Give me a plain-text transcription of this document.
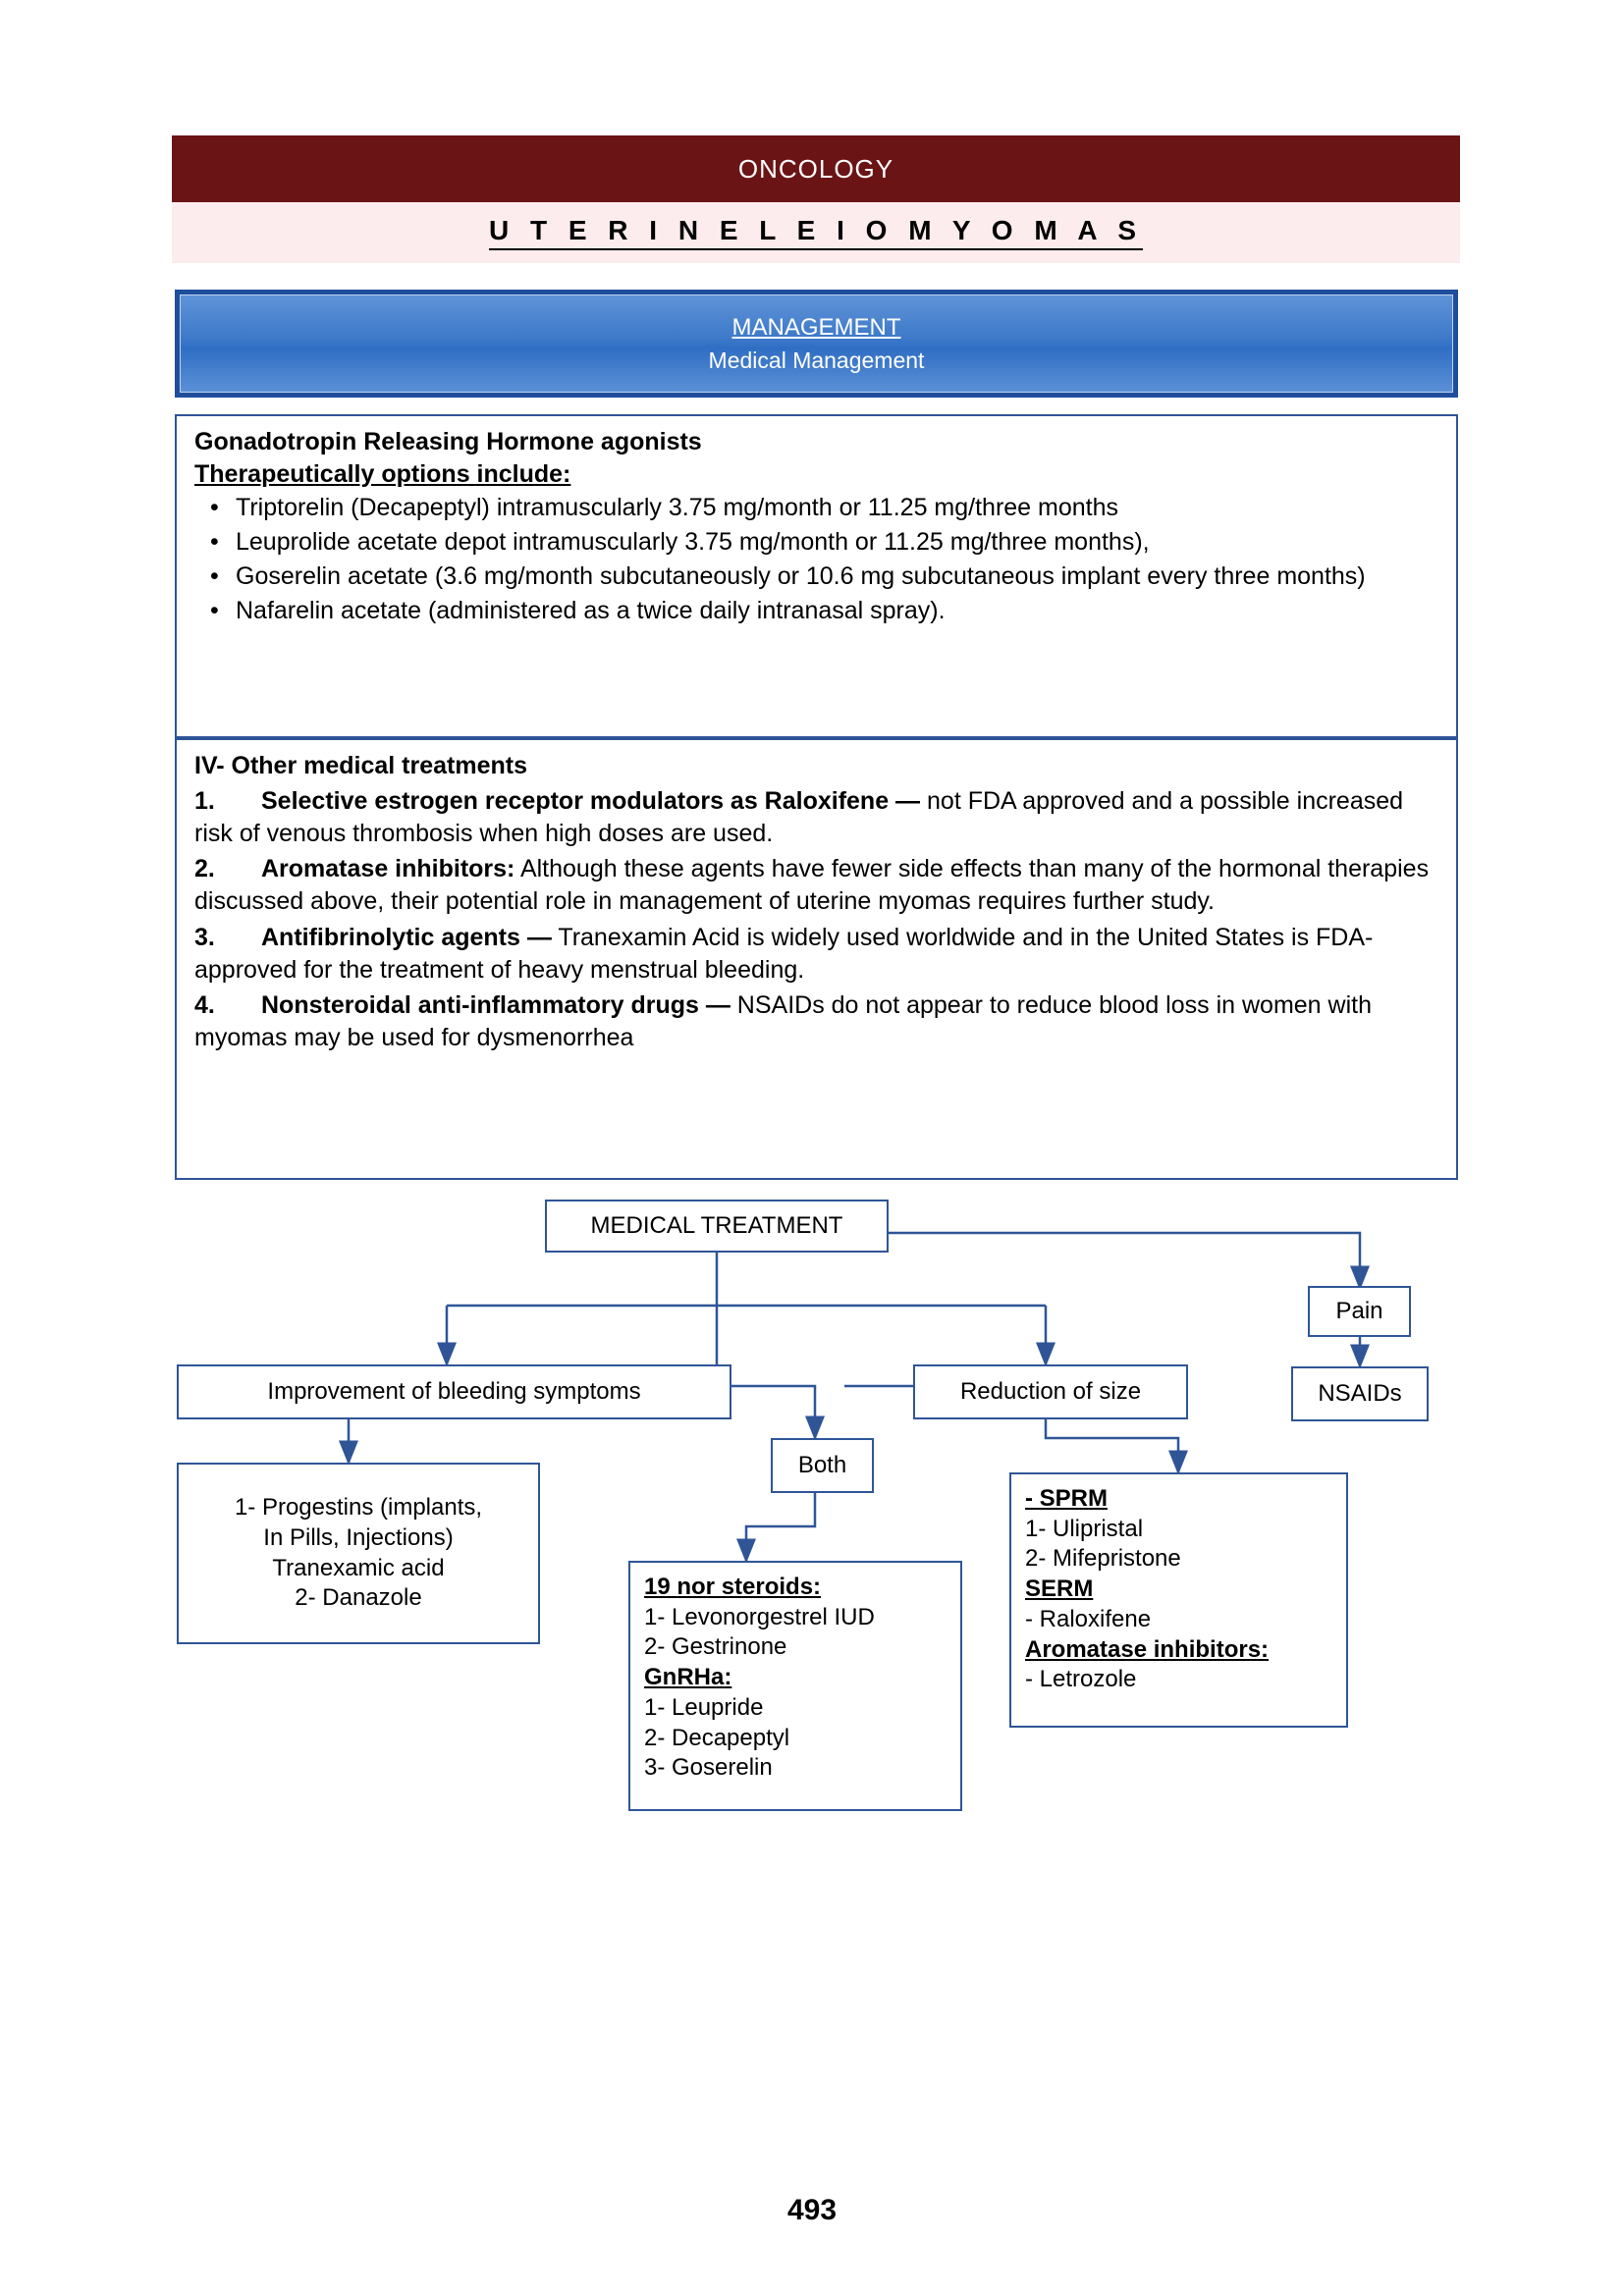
ONCOLOGY
U T E R I N E L E I O M Y O M A S
MANAGEMENT
Medical Management
Gonadotropin Releasing Hormone agonists
Therapeutically options include:
• Triptorelin (Decapeptyl) intramuscularly 3.75 mg/month or 11.25 mg/three months
• Leuprolide acetate depot intramuscularly 3.75 mg/month or 11.25 mg/three months),
• Goserelin acetate (3.6 mg/month subcutaneously or 10.6 mg subcutaneous implant every three months)
• Nafarelin acetate (administered as a twice daily intranasal spray).
IV- Other medical treatments
1. Selective estrogen receptor modulators as Raloxifene — not FDA approved and a possible increased risk of venous thrombosis when high doses are used.
2. Aromatase inhibitors: Although these agents have fewer side effects than many of the hormonal therapies discussed above, their potential role in management of uterine myomas requires further study.
3. Antifibrinolytic agents — Tranexamin Acid is widely used worldwide and in the United States is FDA-approved for the treatment of heavy menstrual bleeding.
4. Nonsteroidal anti-inflammatory drugs — NSAIDs do not appear to reduce blood loss in women with myomas may be used for dysmenorrhea
MEDICAL TREATMENT
Pain
NSAIDs
Improvement of bleeding symptoms	Reduction of size
Both
1- Progestins (implants,
In Pills, Injections)
Tranexamic acid
2- Danazole	19 nor steroids:
1- Levonorgestrel IUD
2- Gestrinone
GnRHa:
1- Leupride
2- Decapeptyl
3- Goserelin
- SPRM
1- Ulipristal
2- Mifepristone
SERM
- Raloxifene
Aromatase inhibitors:
- Letrozole
493
